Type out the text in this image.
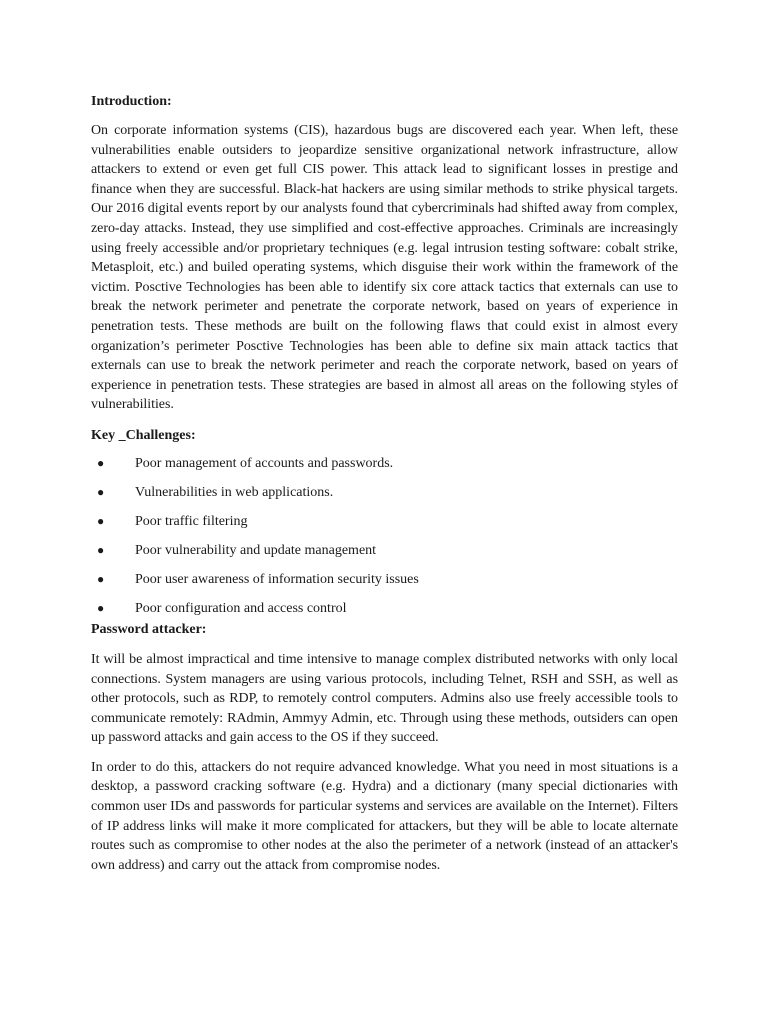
Introduction:

On corporate information systems (CIS), hazardous bugs are discovered each year. When left, these vulnerabilities enable outsiders to jeopardize sensitive organizational network infrastructure, allow attackers to extend or even get full CIS power. This attack lead to significant losses in prestige and finance when they are successful. Black-hat hackers are using similar methods to strike physical targets. Our 2016 digital events report by our analysts found that cybercriminals had shifted away from complex, zero-day attacks. Instead, they use simplified and cost-effective approaches. Criminals are increasingly using freely accessible and/or proprietary techniques (e.g. legal intrusion testing software: cobalt strike, Metasploit, etc.) and builed operating systems, which disguise their work within the framework of the victim. Posctive Technologies has been able to identify six core attack tactics that externals can use to break the network perimeter and penetrate the corporate network, based on years of experience in penetration tests. These methods are built on the following flaws that could exist in almost every organization’s perimeter Posctive Technologies has been able to define six main attack tactics that externals can use to break the network perimeter and reach the corporate network, based on years of experience in penetration tests. These strategies are based in almost all areas on the following styles of vulnerabilities.

Key _Challenges:

●	Poor management of accounts and passwords.
●	Vulnerabilities in web applications.
●	Poor traffic filtering
●	Poor vulnerability and update management
●	Poor user awareness of information security issues
●	Poor configuration and access control

Password attacker:

It will be almost impractical and time intensive to manage complex distributed networks with only local connections. System managers are using various protocols, including Telnet, RSH and SSH, as well as other protocols, such as RDP, to remotely control computers. Admins also use freely accessible tools to communicate remotely: RAdmin, Ammyy Admin, etc. Through using these methods, outsiders can open up password attacks and gain access to the OS if they succeed.

In order to do this, attackers do not require advanced knowledge. What you need in most situations is a desktop, a password cracking software (e.g. Hydra) and a dictionary (many special dictionaries with common user IDs and passwords for particular systems and services are available on the Internet). Filters of IP address links will make it more complicated for attackers, but they will be able to locate alternate routes such as compromise to other nodes at the also the perimeter of a network (instead of an attacker's own address) and carry out the attack from compromise nodes.
